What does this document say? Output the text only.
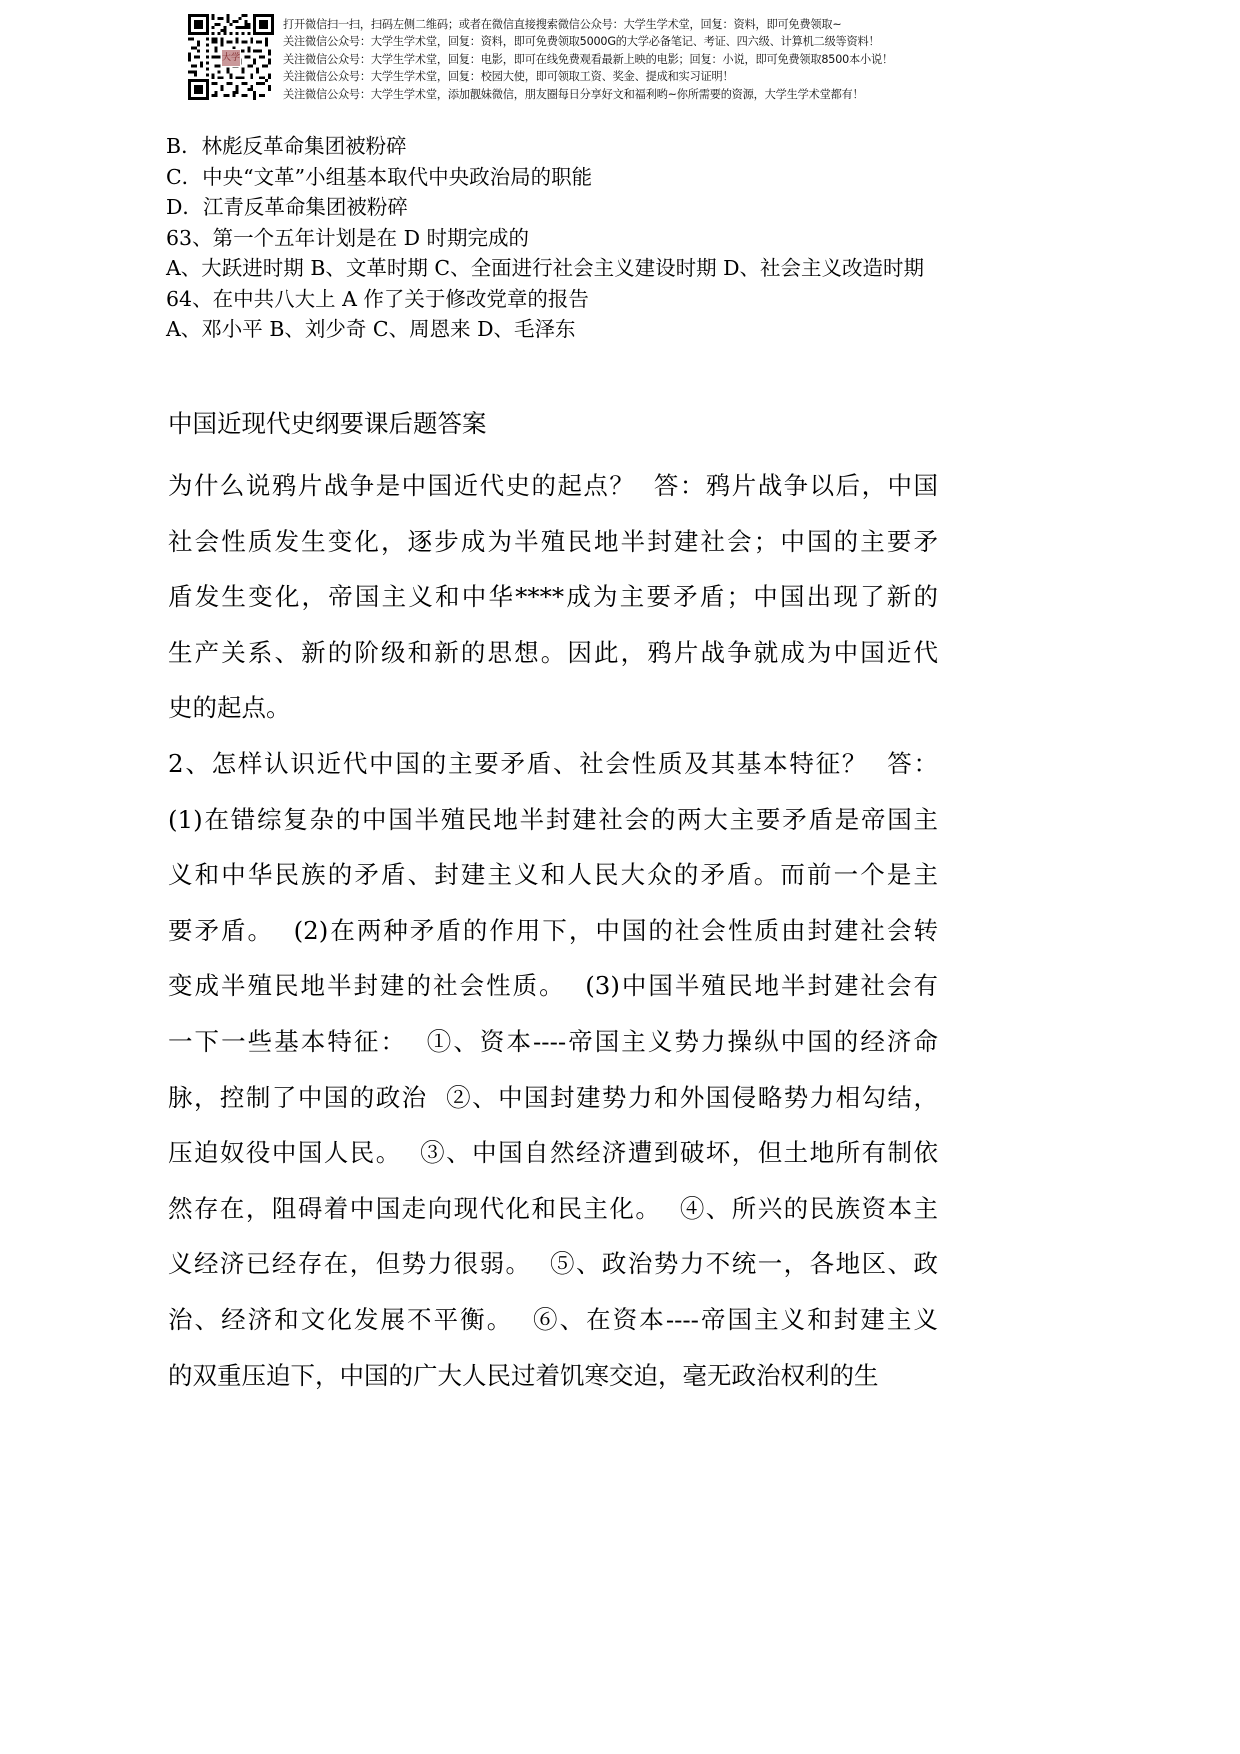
大学
打开微信扫一扫，扫码左侧二维码；或者在微信直接搜索微信公众号：大学生学术堂，回复：资料，即可免费领取~
关注微信公众号：大学生学术堂，回复：资料，即可免费领取5000G的大学必备笔记、考证、四六级、计算机二级等资料！
关注微信公众号：大学生学术堂，回复：电影，即可在线免费观看最新上映的电影；回复：小说，即可免费领取8500本小说！
关注微信公众号：大学生学术堂，回复：校园大使，即可领取工资、奖金、提成和实习证明！
关注微信公众号：大学生学术堂，添加靓妹微信，朋友圈每日分享好文和福利哟~你所需要的资源，大学生学术堂都有！
B．林彪反革命集团被粉碎
C．中央“文革”小组基本取代中央政治局的职能
D．江青反革命集团被粉碎
63、第一个五年计划是在 D 时期完成的
A、大跃进时期 B、文革时期 C、全面进行社会主义建设时期 D、社会主义改造时期
64、在中共八大上 A 作了关于修改党章的报告
A、邓小平 B、刘少奇 C、周恩来 D、毛泽东
中国近现代史纲要课后题答案
为什么说鸦片战争是中国近代史的起点？  答：鸦片战争以后，中国
社会性质发生变化，逐步成为半殖民地半封建社会；中国的主要矛
盾发生变化，帝国主义和中华****成为主要矛盾；中国出现了新的
生产关系、新的阶级和新的思想。因此，鸦片战争就成为中国近代
史的起点。
2、怎样认识近代中国的主要矛盾、社会性质及其基本特征？  答：
(1)在错综复杂的中国半殖民地半封建社会的两大主要矛盾是帝国主
义和中华民族的矛盾、封建主义和人民大众的矛盾。而前一个是主
要矛盾。  (2)在两种矛盾的作用下，中国的社会性质由封建社会转
变成半殖民地半封建的社会性质。  (3)中国半殖民地半封建社会有
一下一些基本特征：  ①、资本----帝国主义势力操纵中国的经济命
脉，控制了中国的政治  ②、中国封建势力和外国侵略势力相勾结，
压迫奴役中国人民。  ③、中国自然经济遭到破坏，但土地所有制依
然存在，阻碍着中国走向现代化和民主化。  ④、所兴的民族资本主
义经济已经存在，但势力很弱。  ⑤、政治势力不统一，各地区、政
治、经济和文化发展不平衡。  ⑥、在资本----帝国主义和封建主义
的双重压迫下，中国的广大人民过着饥寒交迫，毫无政治权利的生
